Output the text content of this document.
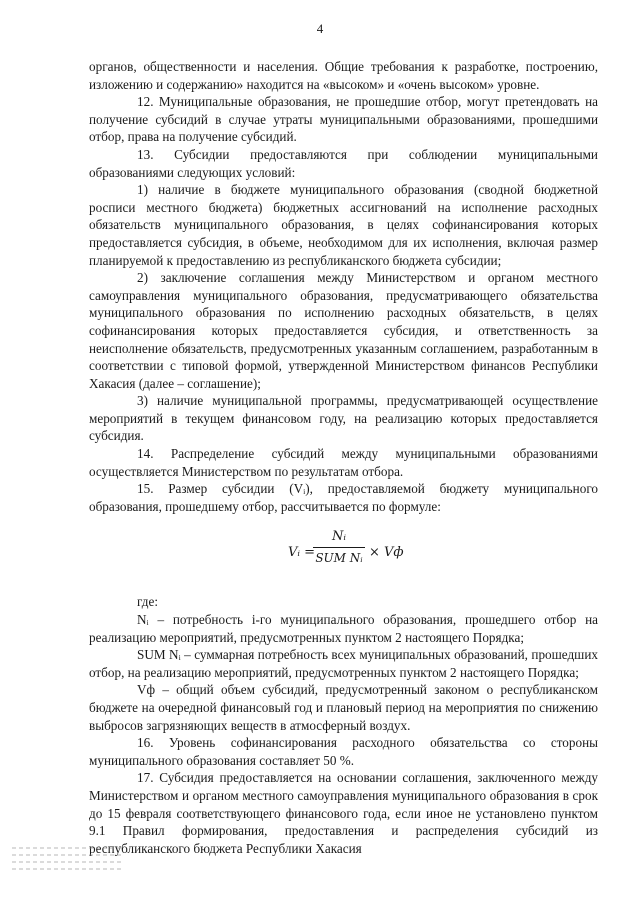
4

органов, общественности и населения. Общие требования к разработке, построению, изложению и содержанию» находится на «высоком» и «очень высоком» уровне.

12. Муниципальные образования, не прошедшие отбор, могут претендовать на получение субсидий в случае утраты муниципальными образованиями, прошедшими отбор, права на получение субсидий.

13. Субсидии предоставляются при соблюдении муниципальными образованиями следующих условий:

1) наличие в бюджете муниципального образования (сводной бюджетной росписи местного бюджета) бюджетных ассигнований на исполнение расходных обязательств муниципального образования, в целях софинансирования которых предоставляется субсидия, в объеме, необходимом для их исполнения, включая размер планируемой к предоставлению из республиканского бюджета субсидии;

2) заключение соглашения между Министерством и органом местного самоуправления муниципального образования, предусматривающего обязательства муниципального образования по исполнению расходных обязательств, в целях софинансирования которых предоставляется субсидия, и ответственность за неисполнение обязательств, предусмотренных указанным соглашением, разработанным в соответствии с типовой формой, утвержденной Министерством финансов Республики Хакасия (далее – соглашение);

3) наличие муниципальной программы, предусматривающей осуществление мероприятий в текущем финансовом году, на реализацию которых предоставляется субсидия.

14. Распределение субсидий между муниципальными образованиями осуществляется Министерством по результатам отбора.

15. Размер субсидии (Vᵢ), предоставляемой бюджету муниципального образования, прошедшему отбор, рассчитывается по формуле:

Vᵢ =
Nᵢ
SUM Nᵢ × Vф

где:

Nᵢ – потребность i-го муниципального образования, прошедшего отбор на реализацию мероприятий, предусмотренных пунктом 2 настоящего Порядка;

SUM Nᵢ – суммарная потребность всех муниципальных образований, прошедших отбор, на реализацию мероприятий, предусмотренных пунктом 2 настоящего Порядка;

Vф – общий объем субсидий, предусмотренный законом о республиканском бюджете на очередной финансовый год и плановый период на мероприятия по снижению выбросов загрязняющих веществ в атмосферный воздух.

16. Уровень софинансирования расходного обязательства со стороны муниципального образования составляет 50 %.

17. Субсидия предоставляется на основании соглашения, заключенного между Министерством и органом местного самоуправления муниципального образования в срок до 15 февраля соответствующего финансового года, если иное не установлено пунктом 9.1 Правил формирования, предоставления и распределения субсидий из республиканского бюджета Республики Хакасия
